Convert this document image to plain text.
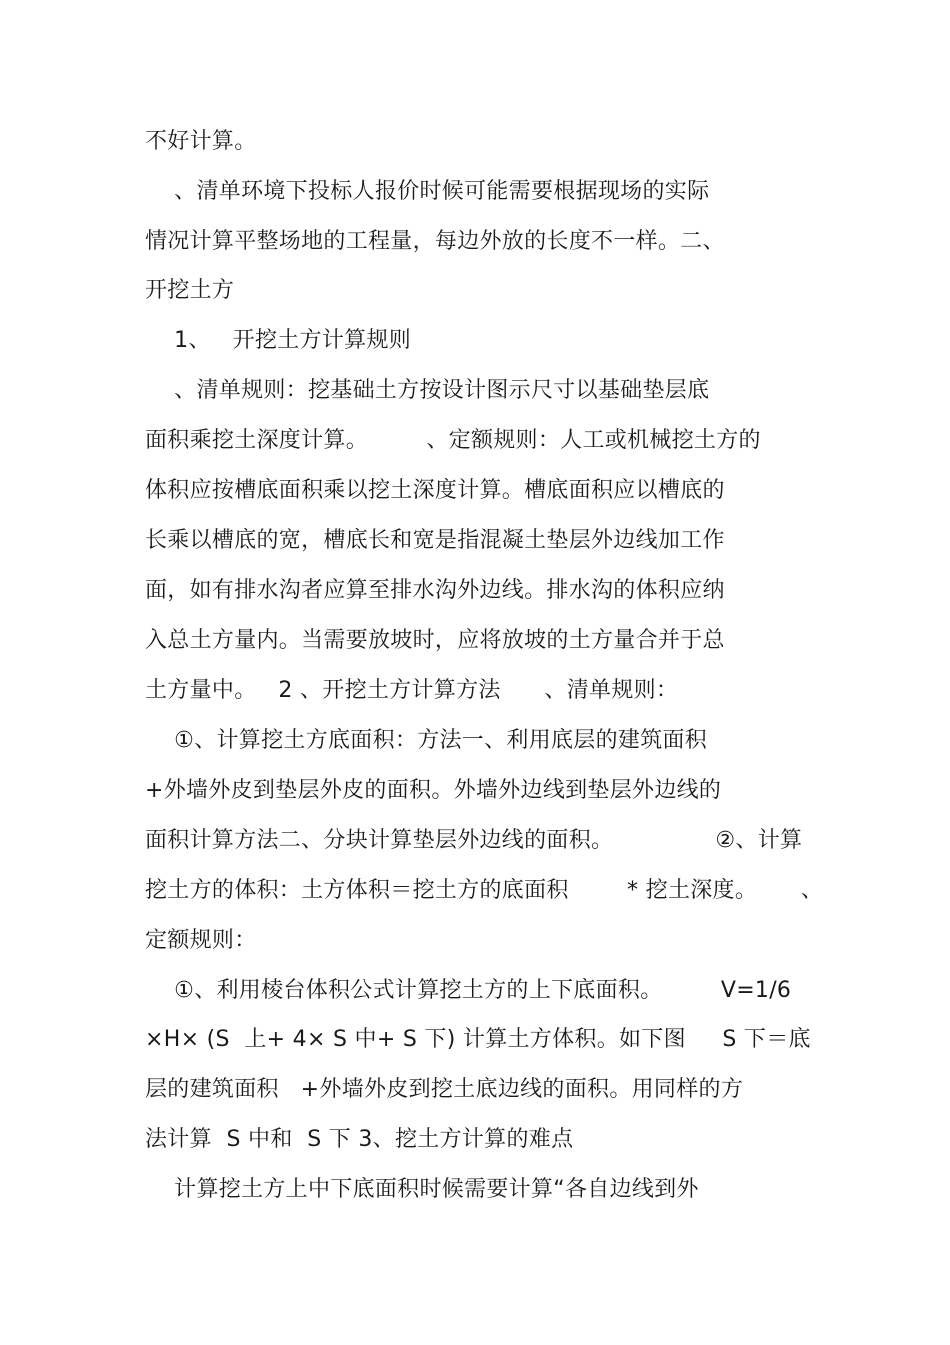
不好计算。
、清单环境下投标人报价时候可能需要根据现场的实际
情况计算平整场地的工程量，每边外放的长度不一样。二、
开挖土方
1、   开挖土方计算规则
、清单规则：挖基础土方按设计图示尺寸以基础垫层底
面积乘挖土深度计算。        、定额规则：人工或机械挖土方的
体积应按槽底面积乘以挖土深度计算。槽底面积应以槽底的
长乘以槽底的宽，槽底长和宽是指混凝土垫层外边线加工作
面，如有排水沟者应算至排水沟外边线。排水沟的体积应纳
入总土方量内。当需要放坡时，应将放坡的土方量合并于总
土方量中。   2 、开挖土方计算方法      、清单规则：
①、计算挖土方底面积：方法一、利用底层的建筑面积
+外墙外皮到垫层外皮的面积。外墙外边线到垫层外边线的
面积计算方法二、分块计算垫层外边线的面积。              ②、计算
挖土方的体积：土方体积＝挖土方的底面积        * 挖土深度。      、
定额规则：
①、利用棱台体积公式计算挖土方的上下底面积。        V=1/6
×H× (S  上+ 4× S 中+ S 下) 计算土方体积。如下图     S 下＝底
层的建筑面积   +外墙外皮到挖土底边线的面积。用同样的方
法计算  S 中和  S 下 3、挖土方计算的难点
计算挖土方上中下底面积时候需要计算“各自边线到外
